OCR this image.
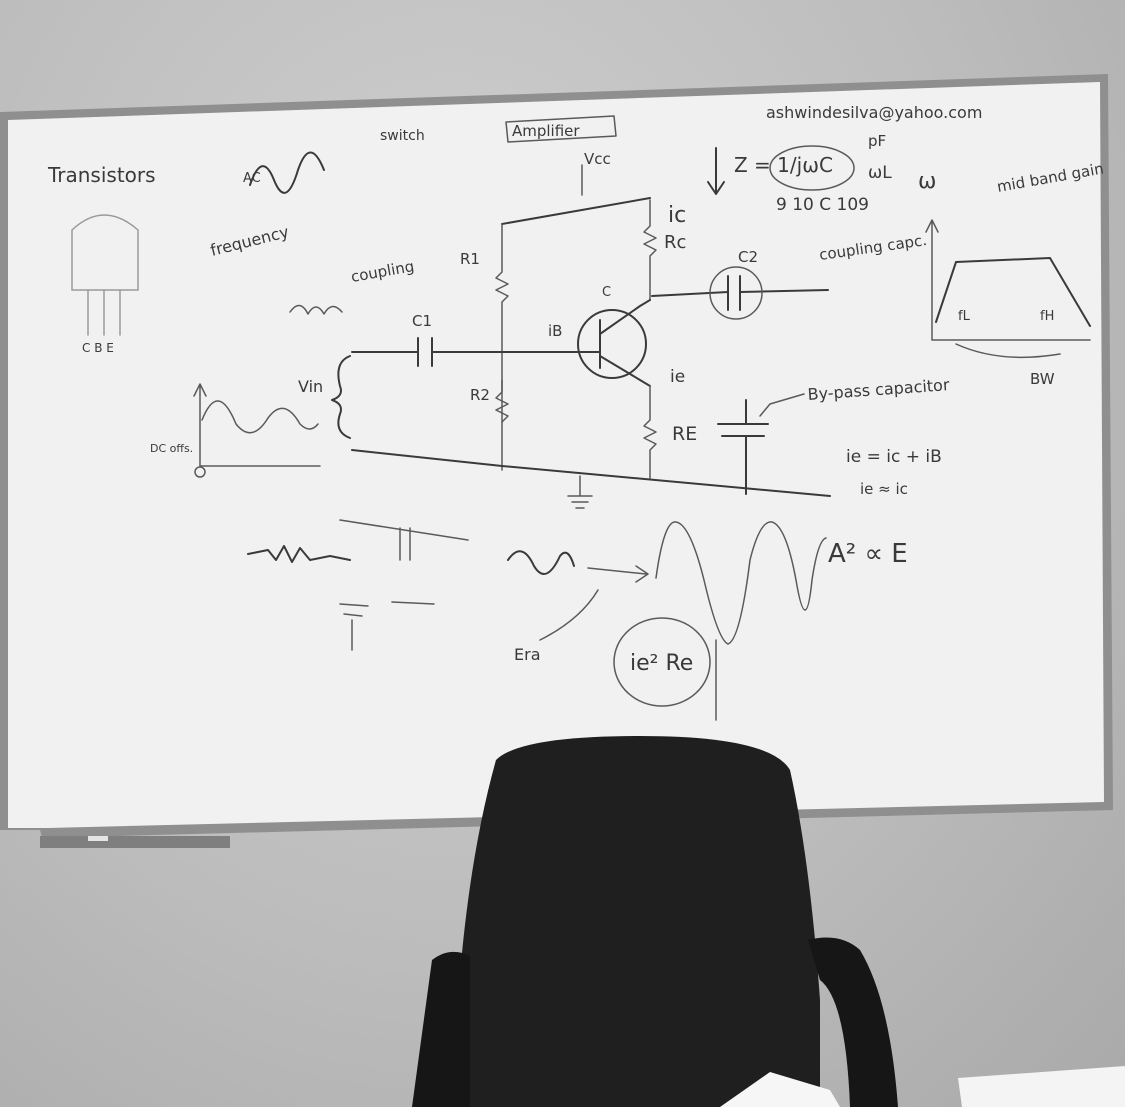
Transistors
C B E
AC
frequency
switch	Amplifier
ashwindesilva@yahoo.com
Z = 1/jωC
pF
ωL
9 10 C 109
ω
Vcc
ic
Rc
R1
R2
iB
C
ie
C1
coupling
RE
By-pass capacitor
C2	coupling capc.
Vin
DC offs.
mid band gain
fL	fH
BW
ie = ic + iB
ie ≈ ic
A² ∝ E
Era	ie² Re
